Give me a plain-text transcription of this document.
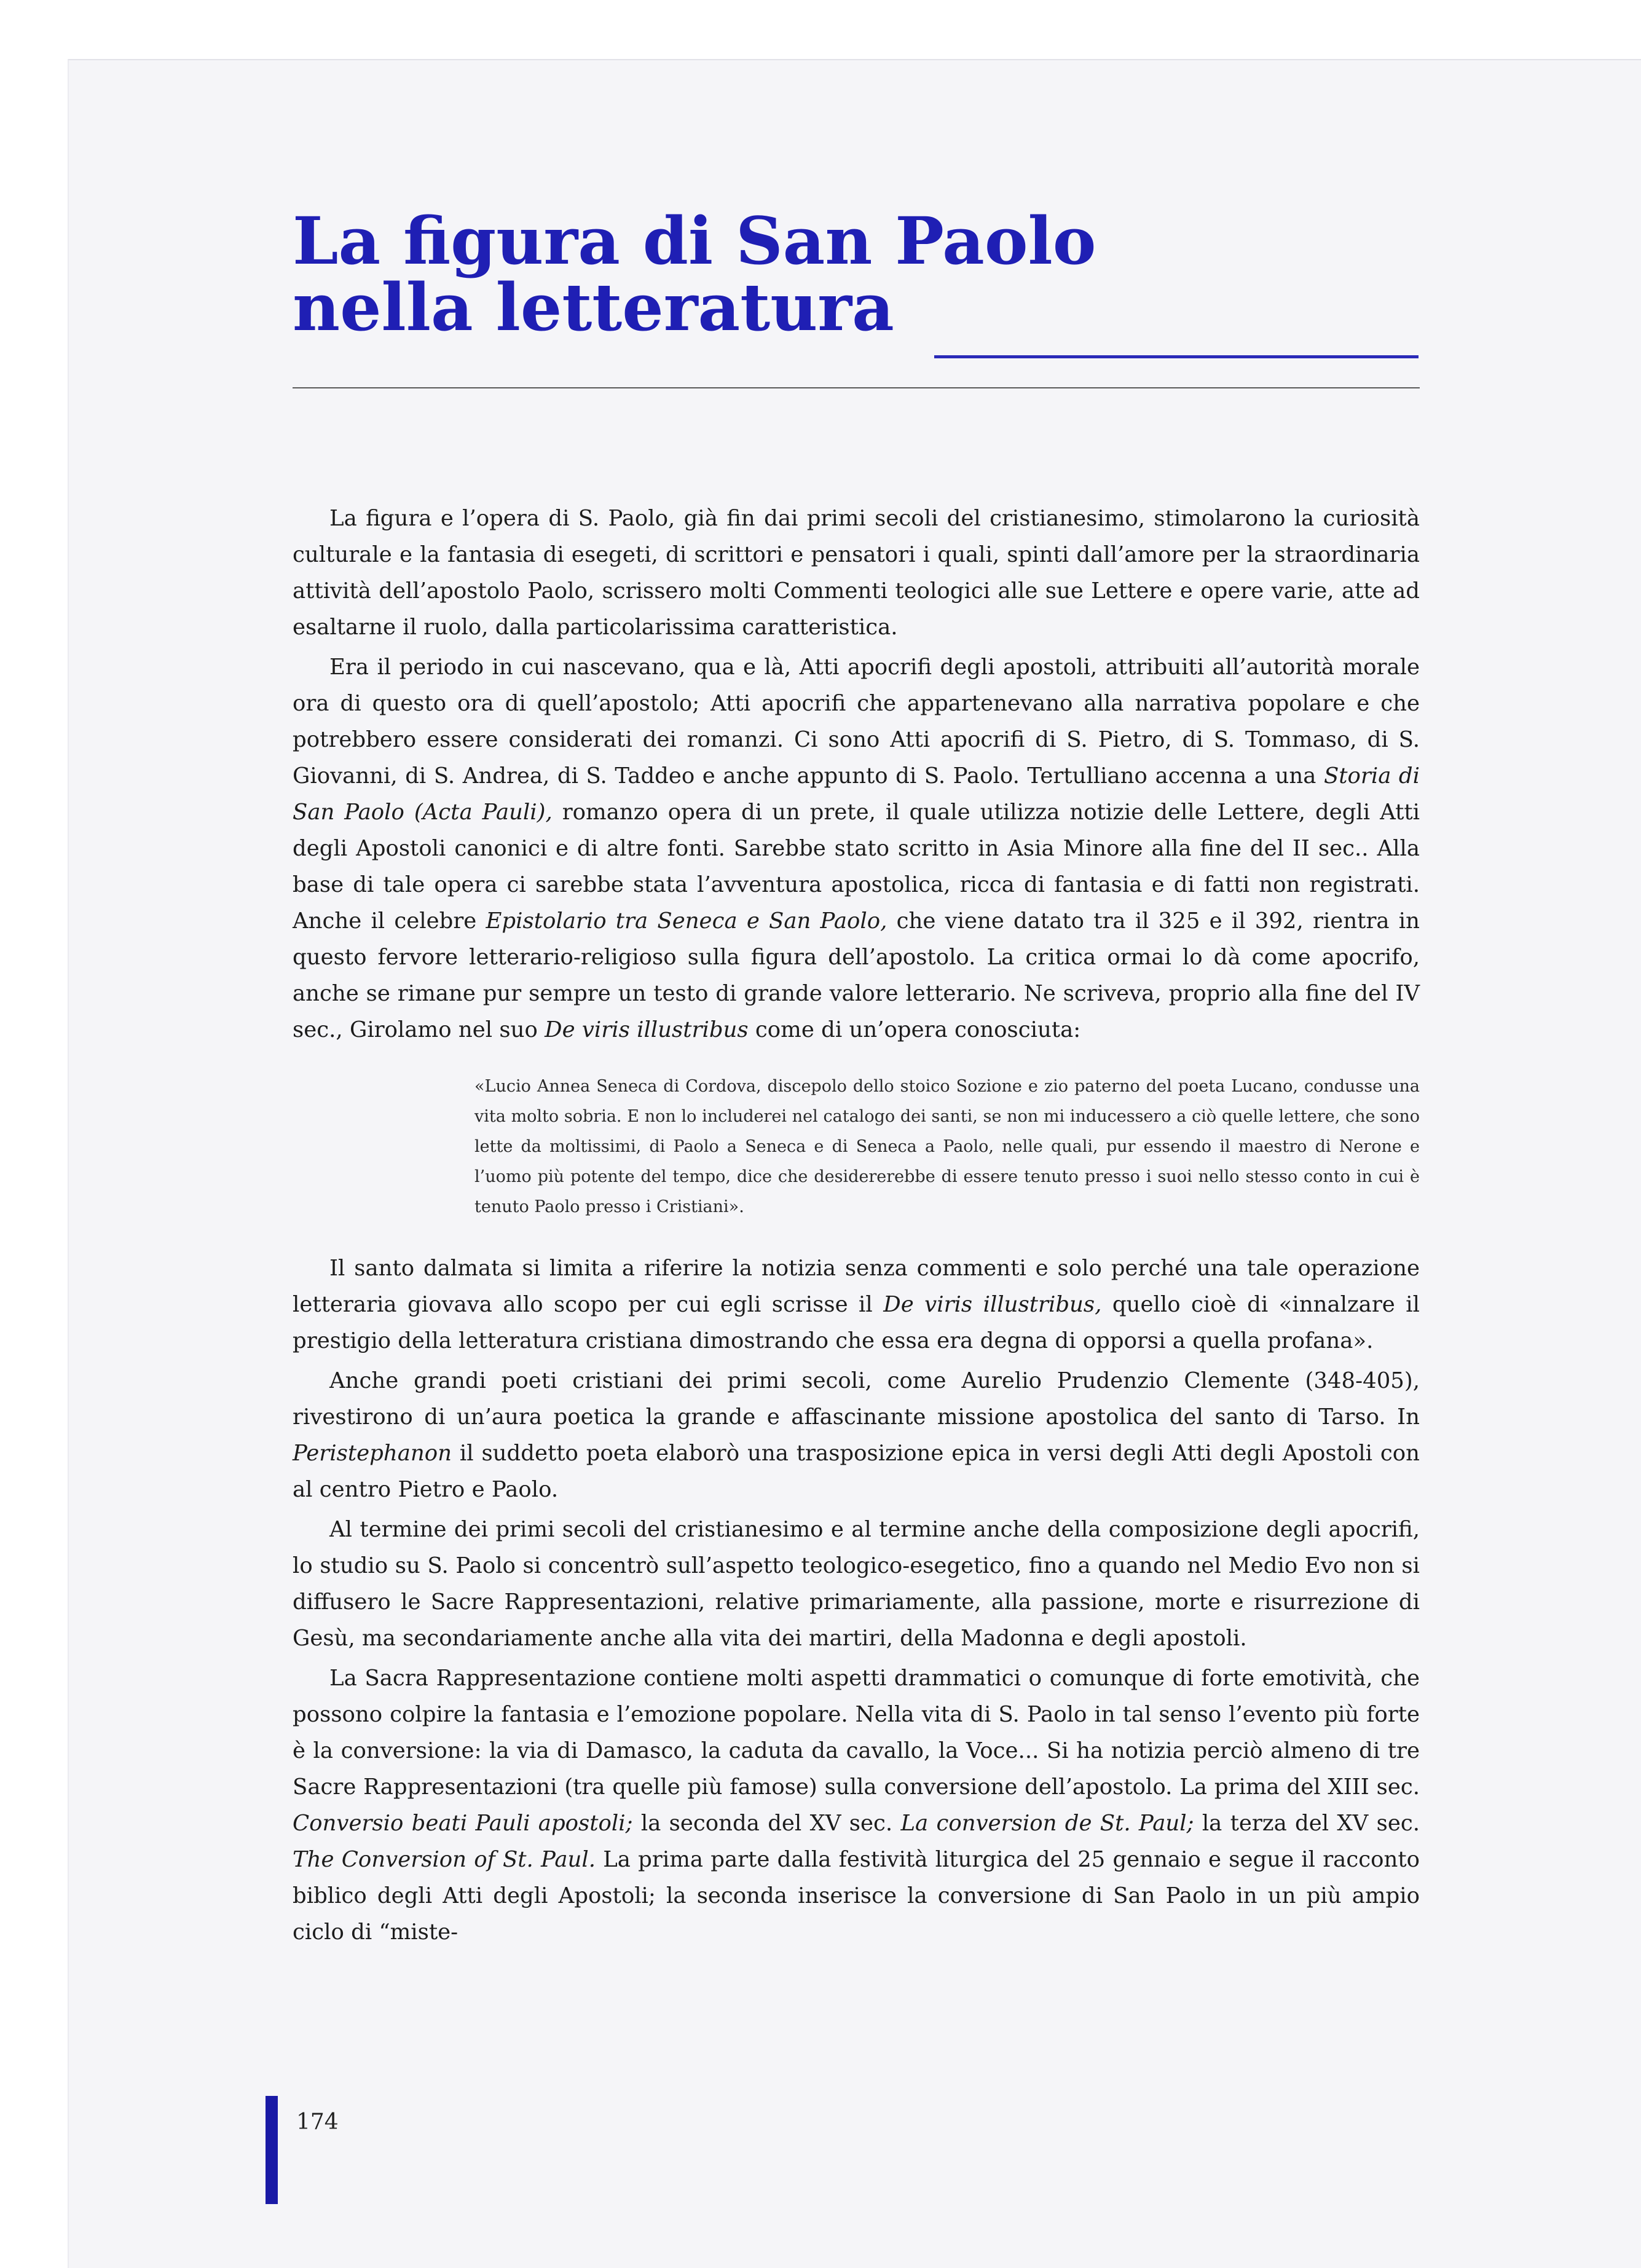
La figura di San Paolo
nella letteratura

La figura e l’opera di S. Paolo, già fin dai primi secoli del cristianesimo, stimolarono la curiosità culturale e la fantasia di esegeti, di scrittori e pensatori i quali, spinti dall’amore per la straordinaria attività dell’apostolo Paolo, scrissero molti Commenti teologici alle sue Lettere e opere varie, atte ad esaltarne il ruolo, dalla particolarissima caratteristica.

Era il periodo in cui nascevano, qua e là, Atti apocrifi degli apostoli, attribuiti all’autorità morale ora di questo ora di quell’apostolo; Atti apocrifi che appartenevano alla narrativa popolare e che potrebbero essere considerati dei romanzi. Ci sono Atti apocrifi di S. Pietro, di S. Tommaso, di S. Giovanni, di S. Andrea, di S. Taddeo e anche appunto di S. Paolo. Tertulliano accenna a una Storia di San Paolo (Acta Pauli), romanzo opera di un prete, il quale utilizza notizie delle Lettere, degli Atti degli Apostoli canonici e di altre fonti. Sarebbe stato scritto in Asia Minore alla fine del II sec.. Alla base di tale opera ci sarebbe stata l’avventura apostolica, ricca di fantasia e di fatti non registrati. Anche il celebre Epistolario tra Seneca e San Paolo, che viene datato tra il 325 e il 392, rientra in questo fervore letterario-religioso sulla figura dell’apostolo. La critica ormai lo dà come apocrifo, anche se rimane pur sempre un testo di grande valore letterario. Ne scriveva, proprio alla fine del IV sec., Girolamo nel suo De viris illustribus come di un’opera conosciuta:

«Lucio Annea Seneca di Cordova, discepolo dello stoico Sozione e zio paterno del poeta Lucano, condusse una vita molto sobria. E non lo includerei nel catalogo dei santi, se non mi inducessero a ciò quelle lettere, che sono lette da moltissimi, di Paolo a Seneca e di Seneca a Paolo, nelle quali, pur essendo il maestro di Nerone e l’uomo più potente del tempo, dice che desidererebbe di essere tenuto presso i suoi nello stesso conto in cui è tenuto Paolo presso i Cristiani».

Il santo dalmata si limita a riferire la notizia senza commenti e solo perché una tale operazione letteraria giovava allo scopo per cui egli scrisse il De viris illustribus, quello cioè di «innalzare il prestigio della letteratura cristiana dimostrando che essa era degna di opporsi a quella profana».

Anche grandi poeti cristiani dei primi secoli, come Aurelio Prudenzio Clemente (348-405), rivestirono di un’aura poetica la grande e affascinante missione apostolica del santo di Tarso. In Peristephanon il suddetto poeta elaborò una trasposizione epica in versi degli Atti degli Apostoli con al centro Pietro e Paolo.

Al termine dei primi secoli del cristianesimo e al termine anche della composizione degli apocrifi, lo studio su S. Paolo si concentrò sull’aspetto teologico-esegetico, fino a quando nel Medio Evo non si diffusero le Sacre Rappresentazioni, relative primariamente, alla passione, morte e risurrezione di Gesù, ma secondariamente anche alla vita dei martiri, della Madonna e degli apostoli.

La Sacra Rappresentazione contiene molti aspetti drammatici o comunque di forte emotività, che possono colpire la fantasia e l’emozione popolare. Nella vita di S. Paolo in tal senso l’evento più forte è la conversione: la via di Damasco, la caduta da cavallo, la Voce... Si ha notizia perciò almeno di tre Sacre Rappresentazioni (tra quelle più famose) sulla conversione dell’apostolo. La prima del XIII sec. Conversio beati Pauli apostoli; la seconda del XV sec. La conversion de St. Paul; la terza del XV sec. The Conversion of St. Paul. La prima parte dalla festività liturgica del 25 gennaio e segue il racconto biblico degli Atti degli Apostoli; la seconda inserisce la conversione di San Paolo in un più ampio ciclo di “miste-

174
